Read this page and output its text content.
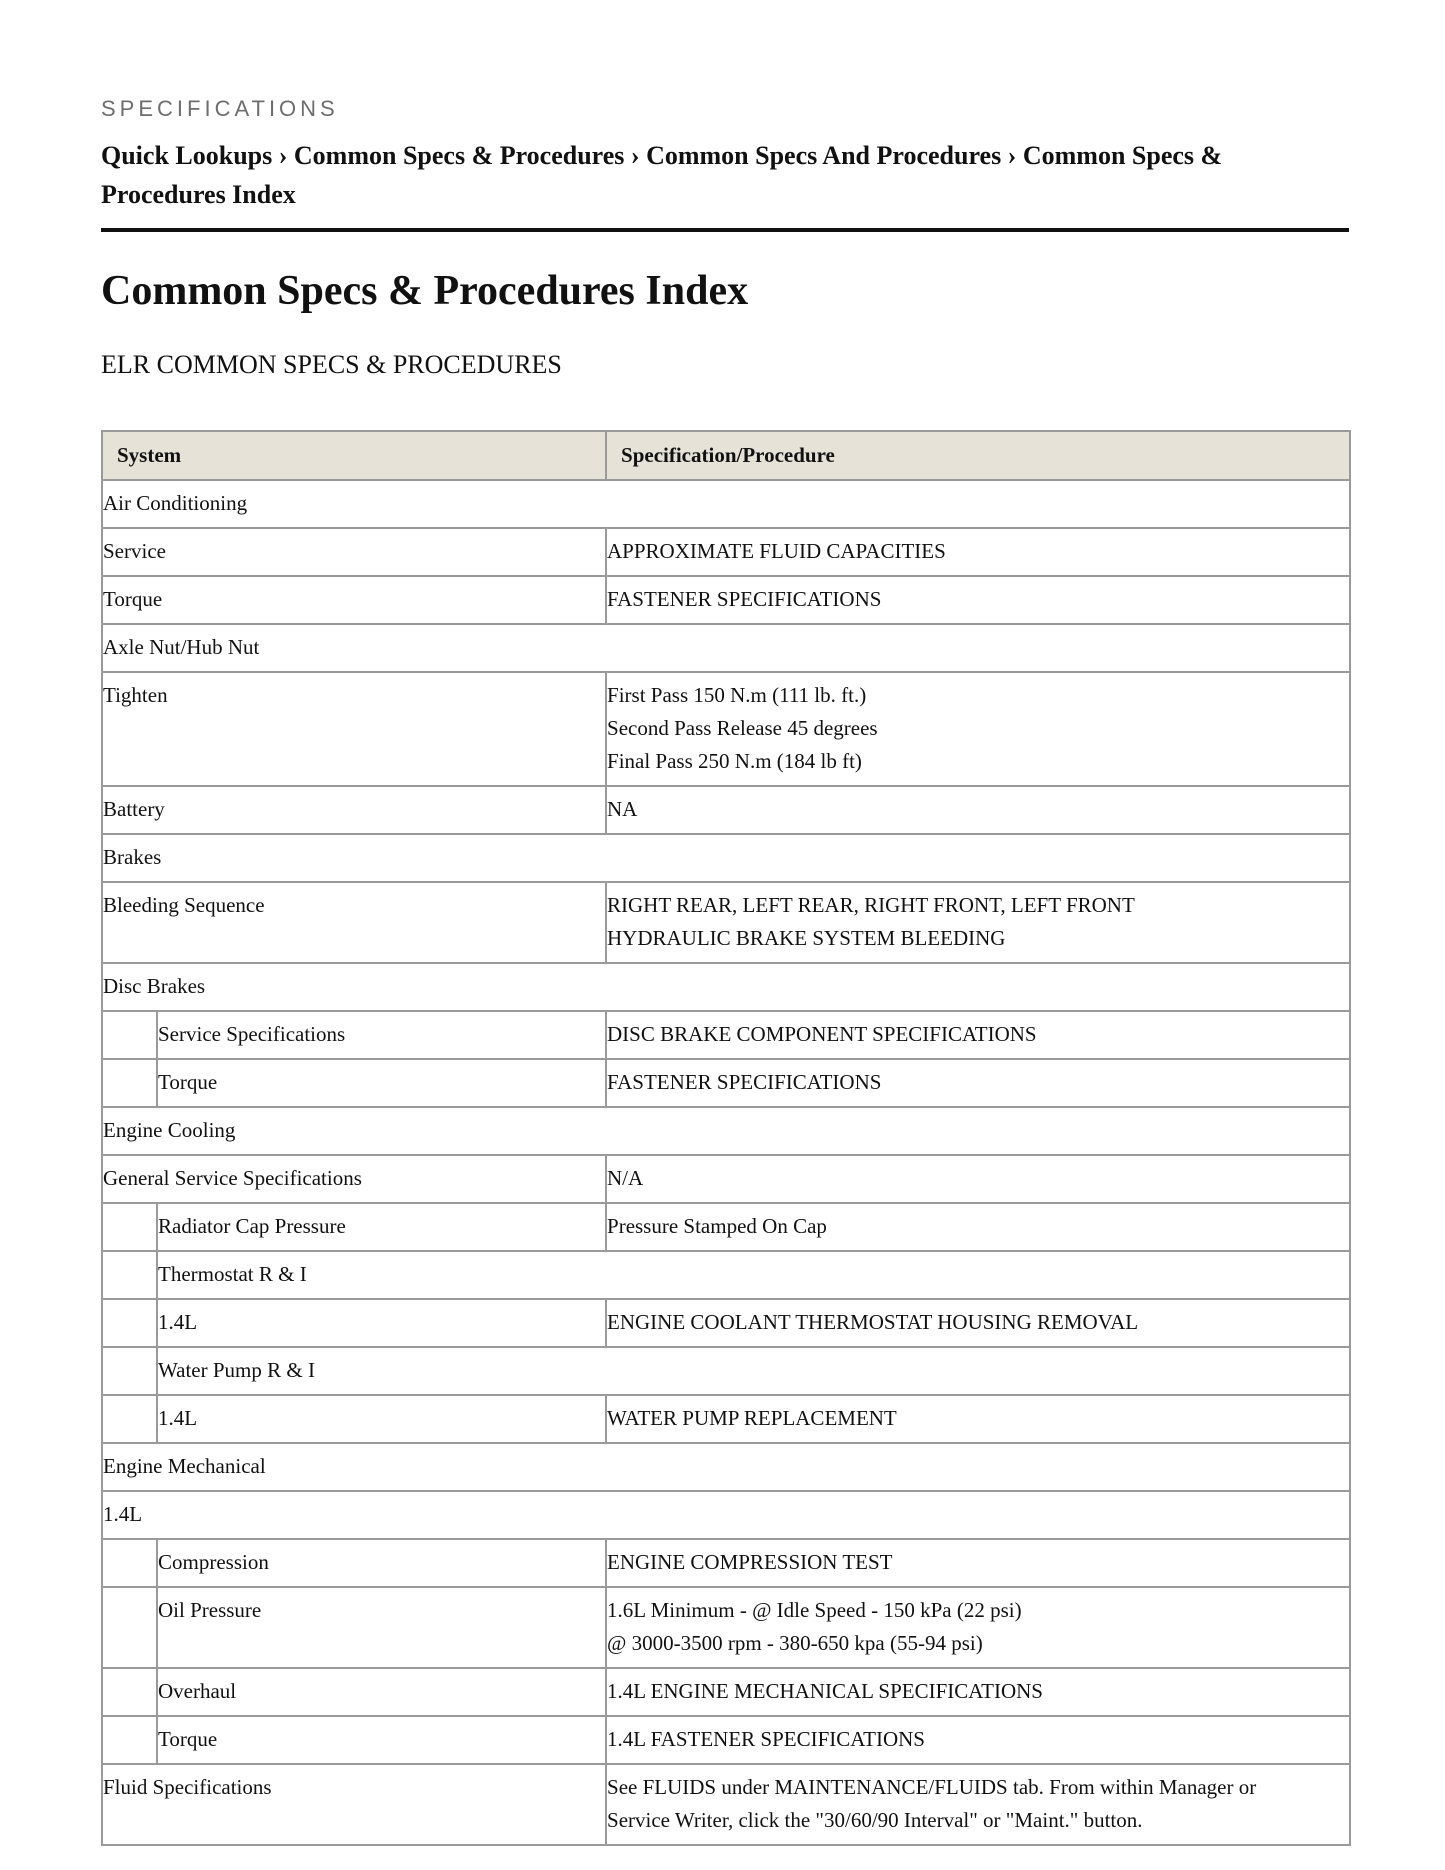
SPECIFICATIONS
Quick Lookups › Common Specs & Procedures › Common Specs And Procedures › Common Specs & Procedures Index
Common Specs & Procedures Index
ELR COMMON SPECS & PROCEDURES
System		Specification/Procedure
Air Conditioning		
Service		APPROXIMATE FLUID CAPACITIES

Torque		FASTENER SPECIFICATIONS

Axle Nut/Hub Nut		
Tighten		First Pass 150 N.m (111 lb. ft.)
Second Pass Release 45 degrees
Final Pass 250 N.m (184 lb ft)

Battery		NA

Brakes		
Bleeding Sequence		RIGHT REAR, LEFT REAR, RIGHT FRONT, LEFT FRONT
HYDRAULIC BRAKE SYSTEM BLEEDING

Disc Brakes		
	Service Specifications	DISC BRAKE COMPONENT SPECIFICATIONS

	Torque	FASTENER SPECIFICATIONS

Engine Cooling		
General Service Specifications		N/A

	Radiator Cap Pressure	Pressure Stamped On Cap

	Thermostat R & I	
	1.4L	ENGINE COOLANT THERMOSTAT HOUSING REMOVAL

	Water Pump R & I	
	1.4L	WATER PUMP REPLACEMENT

Engine Mechanical		
1.4L		
	Compression	ENGINE COMPRESSION TEST

	Oil Pressure	1.6L Minimum - @ Idle Speed - 150 kPa (22 psi)
@ 3000-3500 rpm - 380-650 kpa (55-94 psi)

	Overhaul	1.4L ENGINE MECHANICAL SPECIFICATIONS

	Torque	1.4L FASTENER SPECIFICATIONS

Fluid Specifications		See FLUIDS under MAINTENANCE/FLUIDS tab. From within Manager or
Service Writer, click the "30/60/90 Interval" or "Maint." button.
